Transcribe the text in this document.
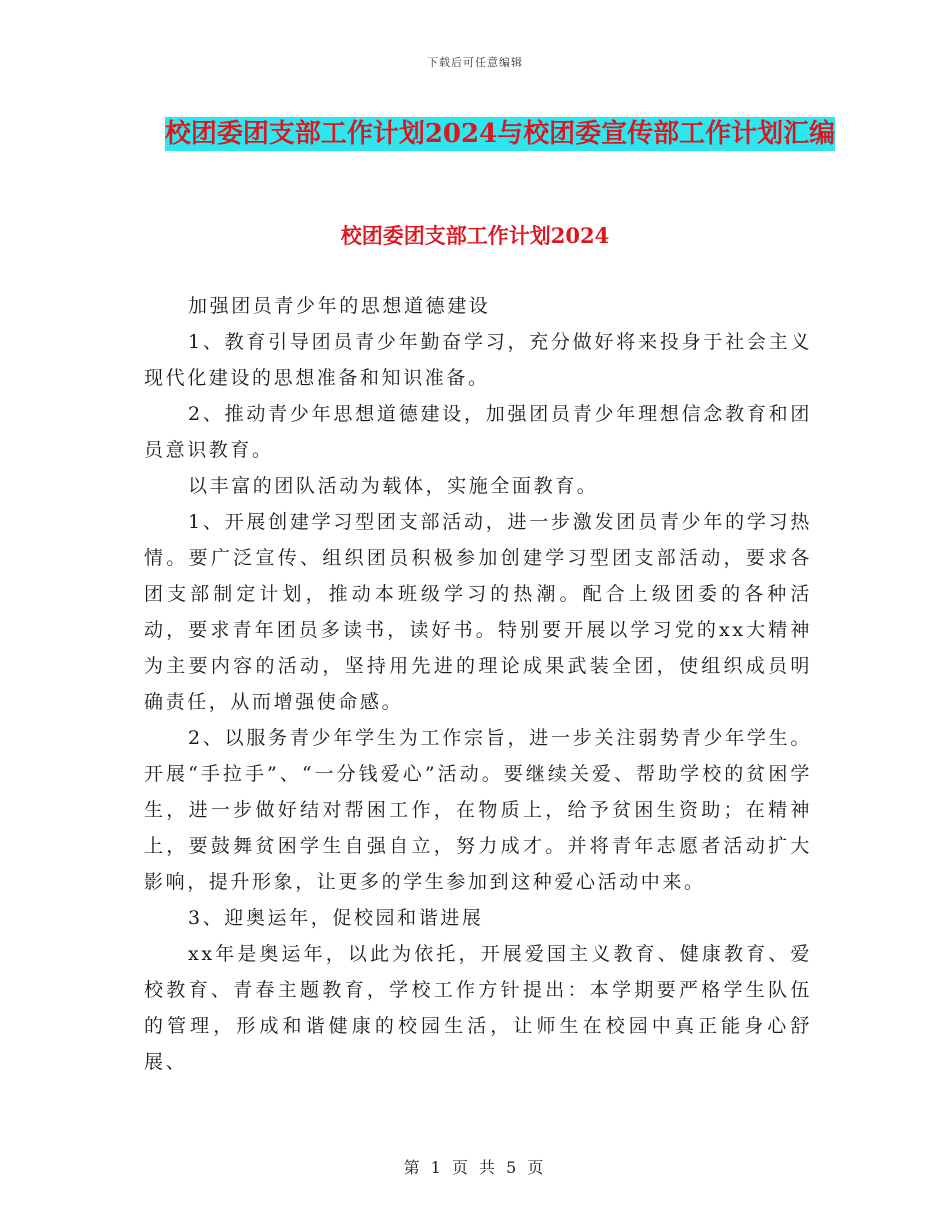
下载后可任意编辑
校团委团支部工作计划2024与校团委宣传部工作计划汇编
校团委团支部工作计划2024

加强团员青少年的思想道德建设

1、教育引导团员青少年勤奋学习，充分做好将来投身于社会主义现代化建设的思想准备和知识准备。

2、推动青少年思想道德建设，加强团员青少年理想信念教育和团员意识教育。

以丰富的团队活动为载体，实施全面教育。

1、开展创建学习型团支部活动，进一步激发团员青少年的学习热情。要广泛宣传、组织团员积极参加创建学习型团支部活动，要求各团支部制定计划，推动本班级学习的热潮。配合上级团委的各种活动，要求青年团员多读书，读好书。特别要开展以学习党的xx大精神为主要内容的活动，坚持用先进的理论成果武装全团，使组织成员明确责任，从而增强使命感。

2、以服务青少年学生为工作宗旨，进一步关注弱势青少年学生。开展“手拉手”、“一分钱爱心”活动。要继续关爱、帮助学校的贫困学生，进一步做好结对帮困工作，在物质上，给予贫困生资助；在精神上，要鼓舞贫困学生自强自立，努力成才。并将青年志愿者活动扩大影响，提升形象，让更多的学生参加到这种爱心活动中来。

3、迎奥运年，促校园和谐进展

xx年是奥运年，以此为依托，开展爱国主义教育、健康教育、爱校教育、青春主题教育，学校工作方针提出：本学期要严格学生队伍的管理，形成和谐健康的校园生活，让师生在校园中真正能身心舒展、

第 1 页 共 5 页
